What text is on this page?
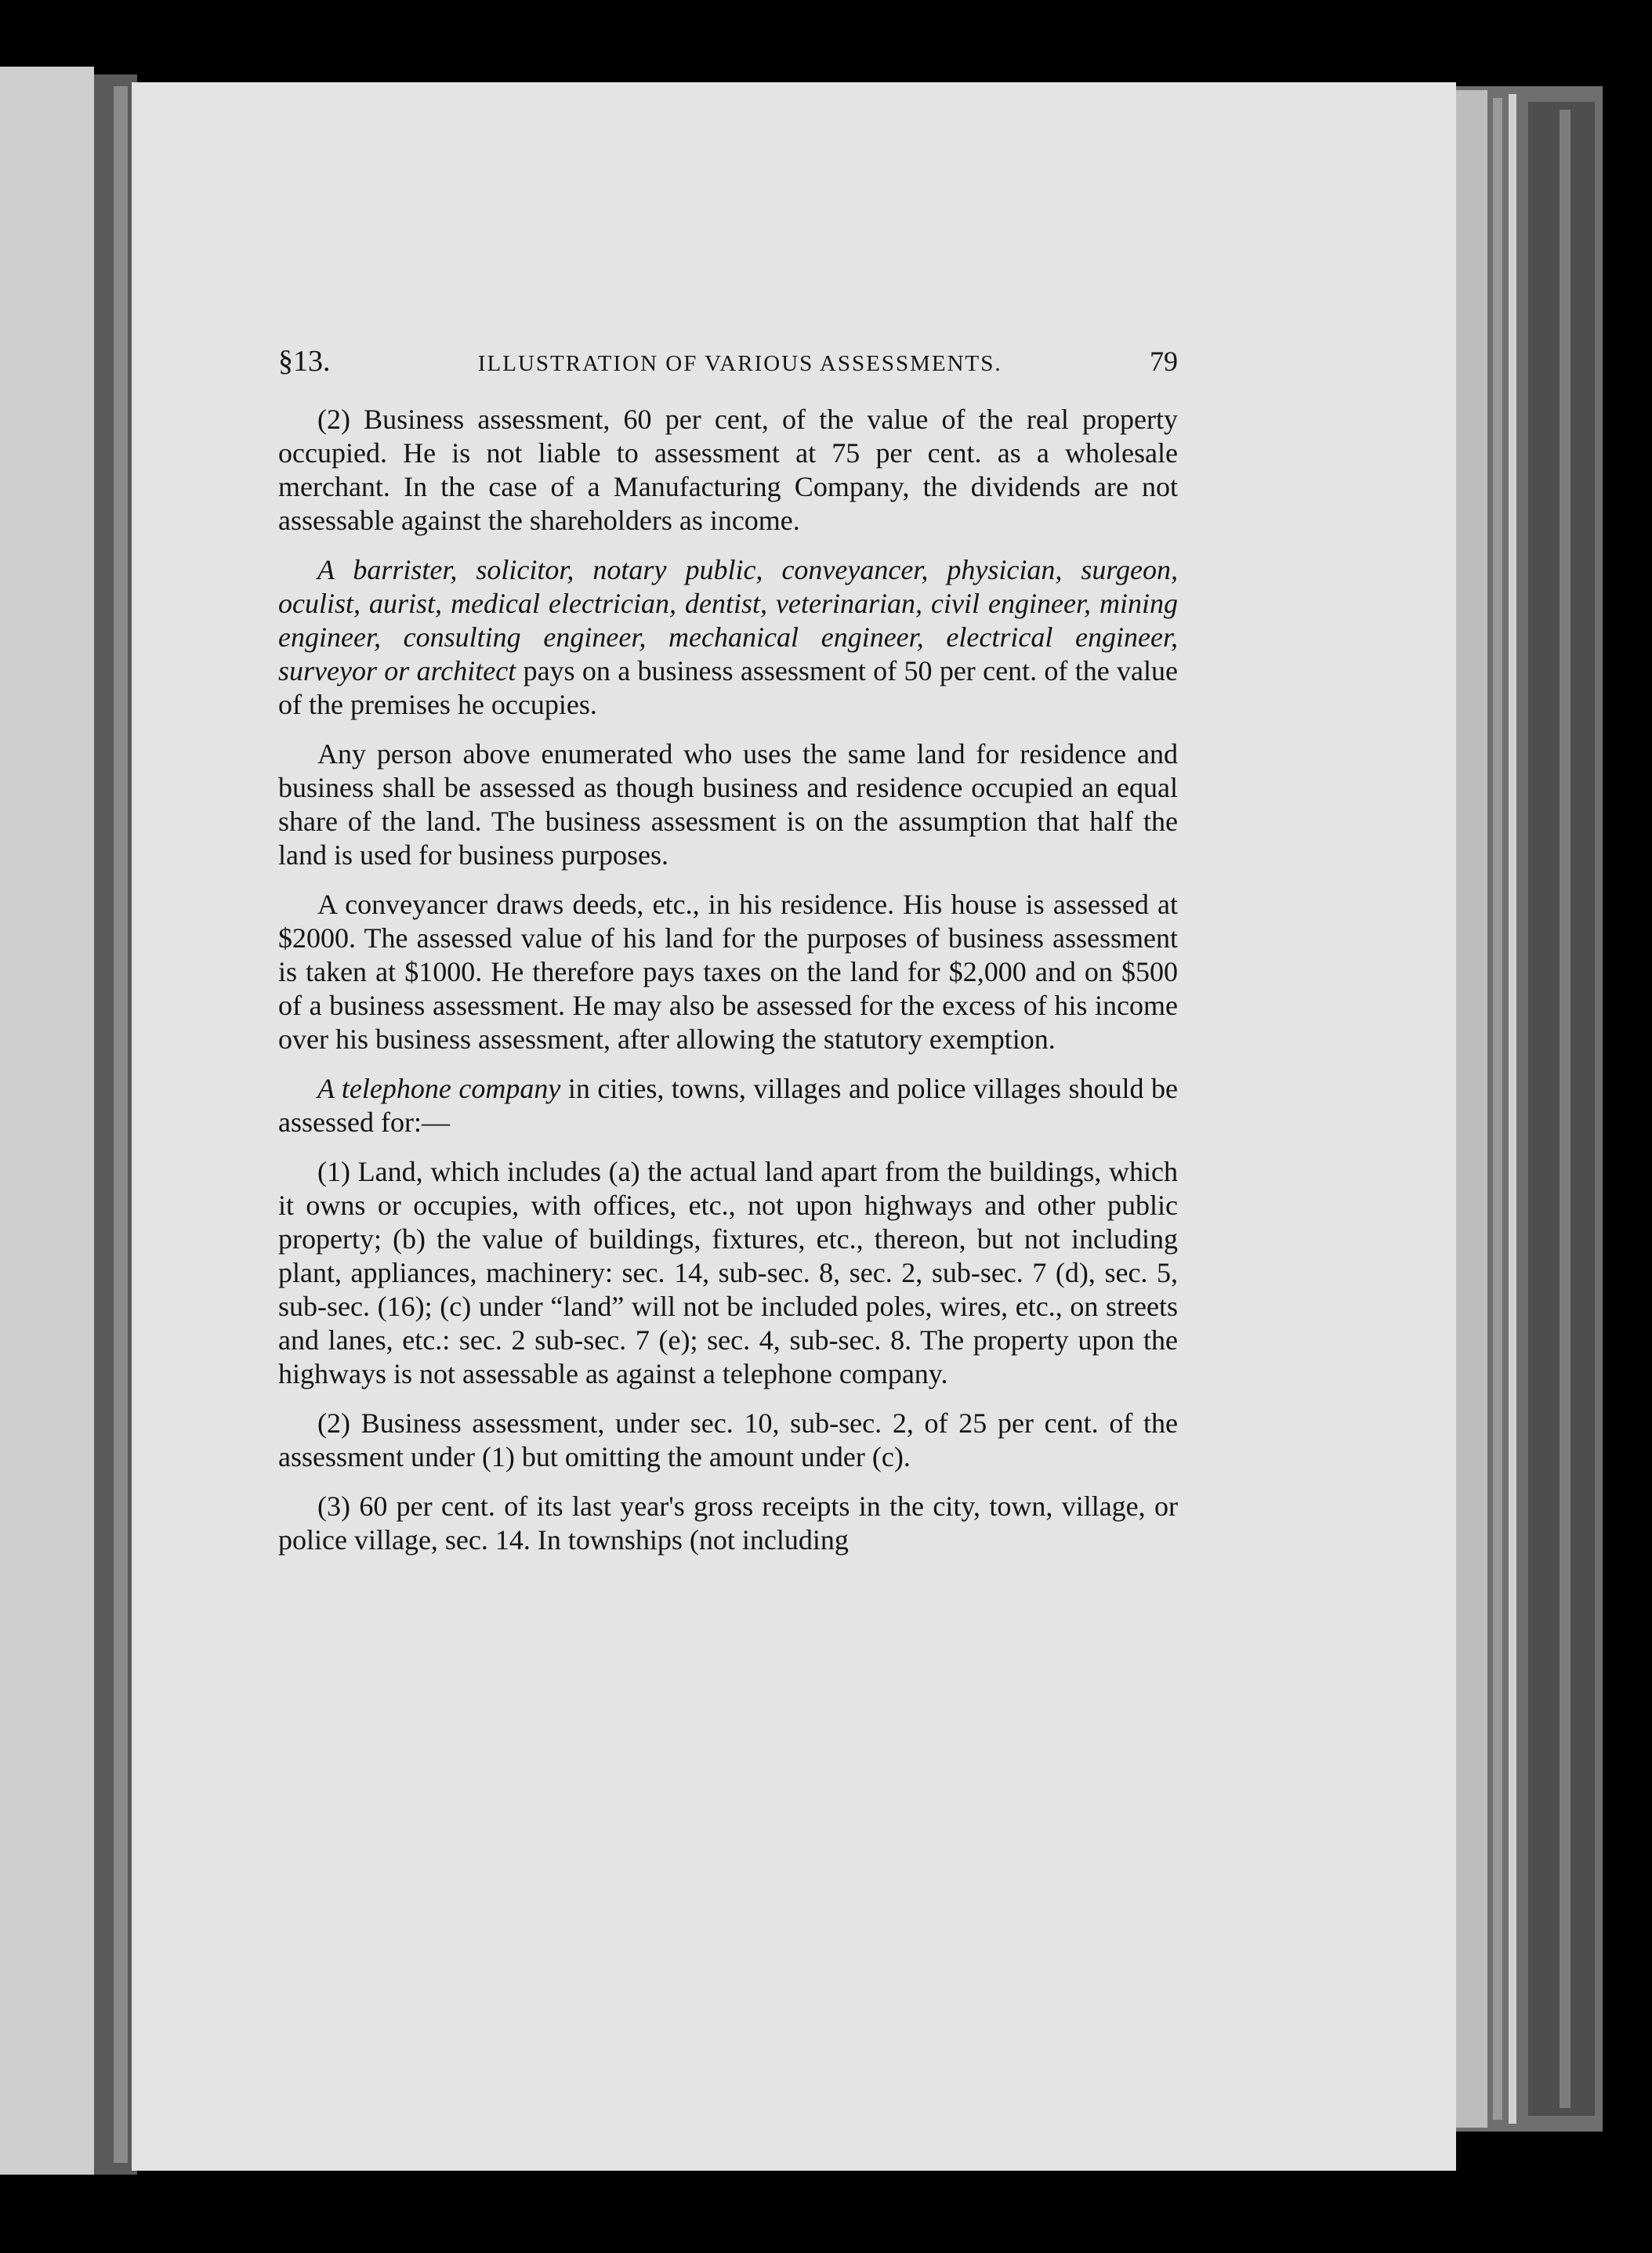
§13.	ILLUSTRATION OF VARIOUS ASSESSMENTS.	79

(2) Business assessment, 60 per cent, of the value of the real property occupied. He is not liable to assessment at 75 per cent. as a wholesale merchant. In the case of a Manufacturing Company, the dividends are not assessable against the shareholders as income.

A barrister, solicitor, notary public, conveyancer, physician, surgeon, oculist, aurist, medical electrician, dentist, veterinarian, civil engineer, mining engineer, consulting engineer, mechanical engineer, electrical engineer, surveyor or architect pays on a business assessment of 50 per cent. of the value of the premises he occupies.

Any person above enumerated who uses the same land for residence and business shall be assessed as though business and residence occupied an equal share of the land. The business assessment is on the assumption that half the land is used for business purposes.

A conveyancer draws deeds, etc., in his residence. His house is assessed at $2000. The assessed value of his land for the purposes of business assessment is taken at $1000. He therefore pays taxes on the land for $2,000 and on $500 of a business assessment. He may also be assessed for the excess of his income over his business assessment, after allowing the statutory exemption.

A telephone company in cities, towns, villages and police villages should be assessed for:—

(1) Land, which includes (a) the actual land apart from the buildings, which it owns or occupies, with offices, etc., not upon highways and other public property; (b) the value of buildings, fixtures, etc., thereon, but not including plant, appliances, machinery: sec. 14, sub-sec. 8, sec. 2, sub-sec. 7 (d), sec. 5, sub-sec. (16); (c) under “land” will not be included poles, wires, etc., on streets and lanes, etc.: sec. 2 sub-sec. 7 (e); sec. 4, sub-sec. 8. The property upon the highways is not assessable as against a telephone company.

(2) Business assessment, under sec. 10, sub-sec. 2, of 25 per cent. of the assessment under (1) but omitting the amount under (c).

(3) 60 per cent. of its last year's gross receipts in the city, town, village, or police village, sec. 14. In townships (not including
